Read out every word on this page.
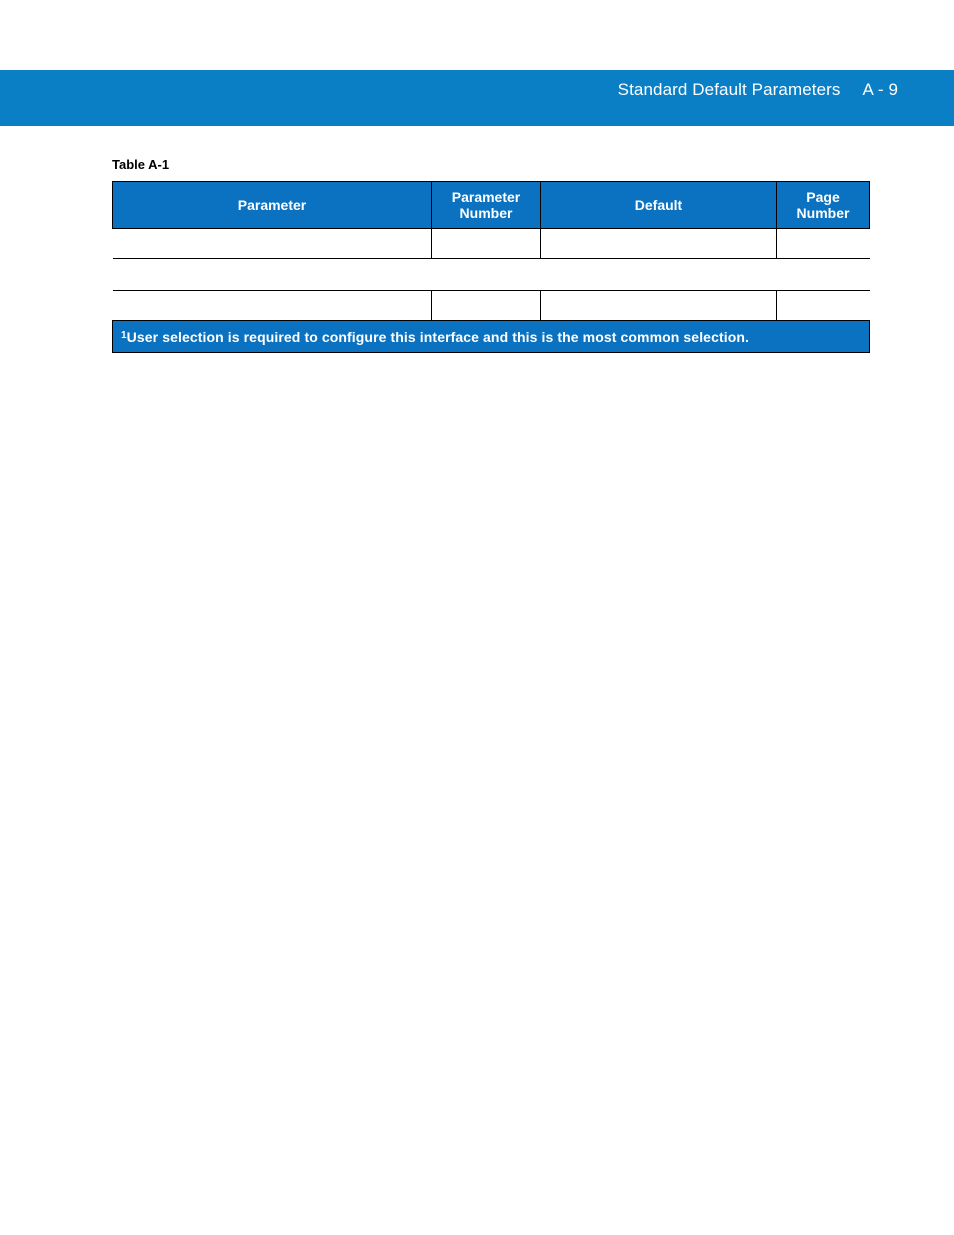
Standard Default Parameters A - 9
Table A-1
Parameter	Parameter Number	Default	Page Number

$^1$User selection is required to configure this interface and this is the most common selection.			
